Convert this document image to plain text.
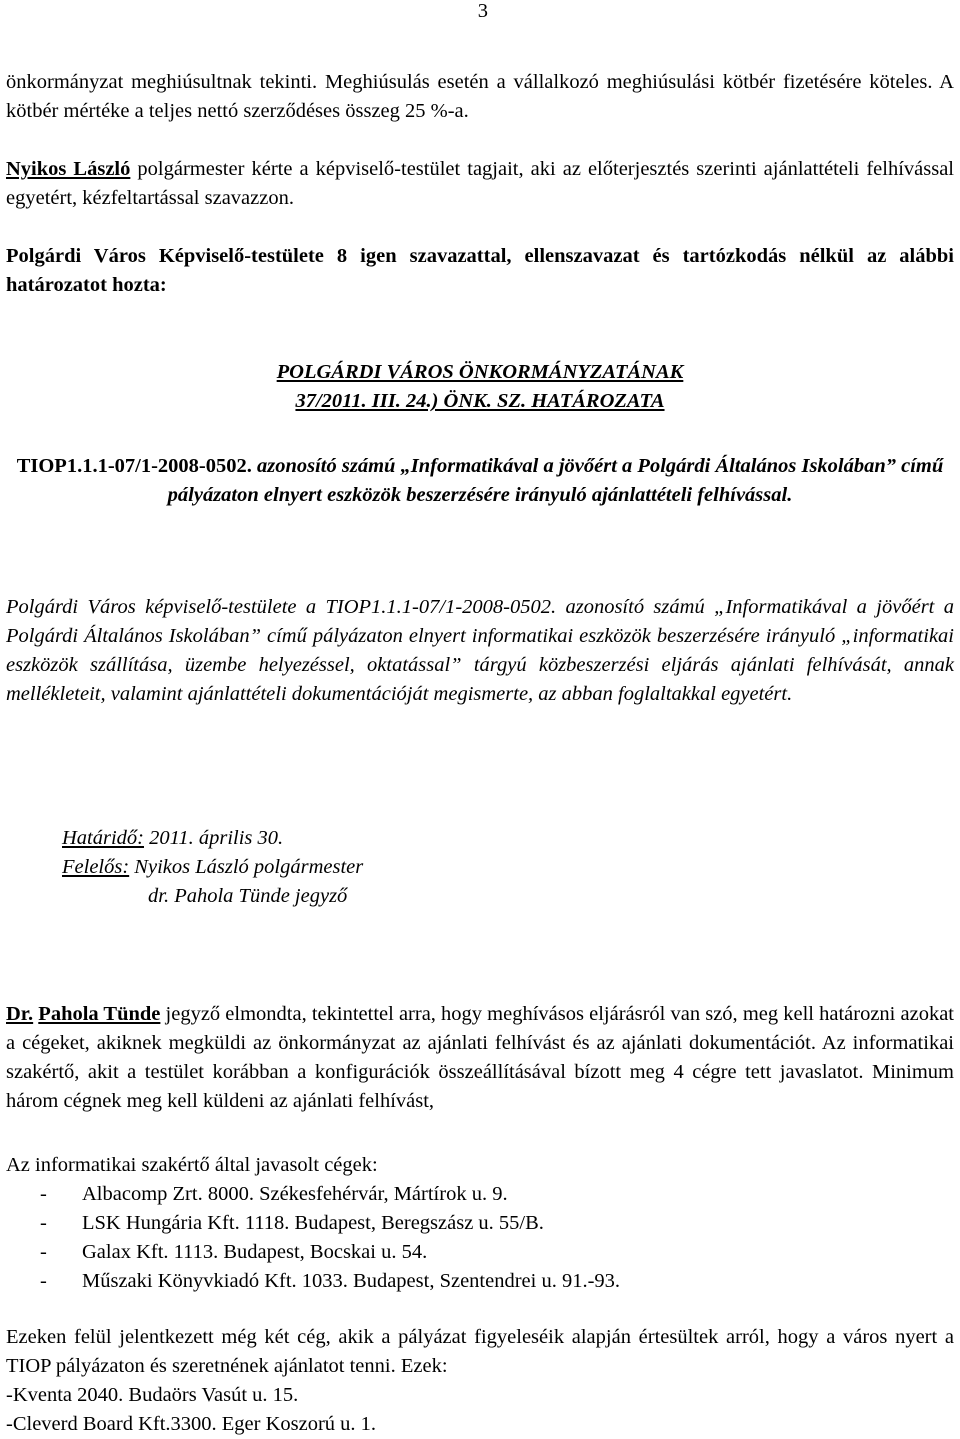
3

önkormányzat meghiúsultnak tekinti. Meghiúsulás esetén a vállalkozó meghiúsulási kötbér fizetésére köteles. A kötbér mértéke a teljes nettó szerződéses összeg 25 %-a.

Nyikos László polgármester kérte a képviselő-testület tagjait, aki az előterjesztés szerinti ajánlattételi felhívással egyetért, kézfeltartással szavazzon.

Polgárdi Város Képviselő-testülete 8 igen szavazattal, ellenszavazat és tartózkodás nélkül az alábbi határozatot hozta:

POLGÁRDI VÁROS ÖNKORMÁNYZATÁNAK
37/2011. III. 24.) ÖNK. SZ. HATÁROZATA

TIOP1.1.1-07/1-2008-0502. azonosító számú „Informatikával a jövőért a Polgárdi Általános Iskolában” című pályázaton elnyert eszközök beszerzésére irányuló ajánlattételi felhívással.

Polgárdi Város képviselő-testülete a TIOP1.1.1-07/1-2008-0502. azonosító számú „Informatikával a jövőért a Polgárdi Általános Iskolában” című pályázaton elnyert informatikai eszközök beszerzésére irányuló „informatikai eszközök szállítása, üzembe helyezéssel, oktatással” tárgyú közbeszerzési eljárás ajánlati felhívását, annak mellékleteit, valamint ajánlattételi dokumentációját megismerte, az abban foglaltakkal egyetért.

Határidő: 2011. április 30.
Felelős: Nyikos László polgármester
dr. Pahola Tünde jegyző

Dr. Pahola Tünde jegyző elmondta, tekintettel arra, hogy meghívásos eljárásról van szó, meg kell határozni azokat a cégeket, akiknek megküldi az önkormányzat az ajánlati felhívást és az ajánlati dokumentációt. Az informatikai szakértő, akit a testület korábban a konfigurációk összeállításával bízott meg 4 cégre tett javaslatot. Minimum három cégnek meg kell küldeni az ajánlati felhívást,

Az informatikai szakértő által javasolt cégek:

- Albacomp Zrt. 8000. Székesfehérvár, Mártírok u. 9.
- LSK Hungária Kft. 1118. Budapest, Beregszász u. 55/B.
- Galax Kft. 1113. Budapest, Bocskai u. 54.
- Műszaki Könyvkiadó Kft. 1033. Budapest, Szentendrei u. 91.-93.

Ezeken felül jelentkezett még két cég, akik a pályázat figyeleséik alapján értesültek arról, hogy a város nyert a TIOP pályázaton és szeretnének ajánlatot tenni. Ezek:

-Kventa 2040. Budaörs Vasút u. 15.
-Cleverd Board Kft.3300. Eger Koszorú u. 1.
